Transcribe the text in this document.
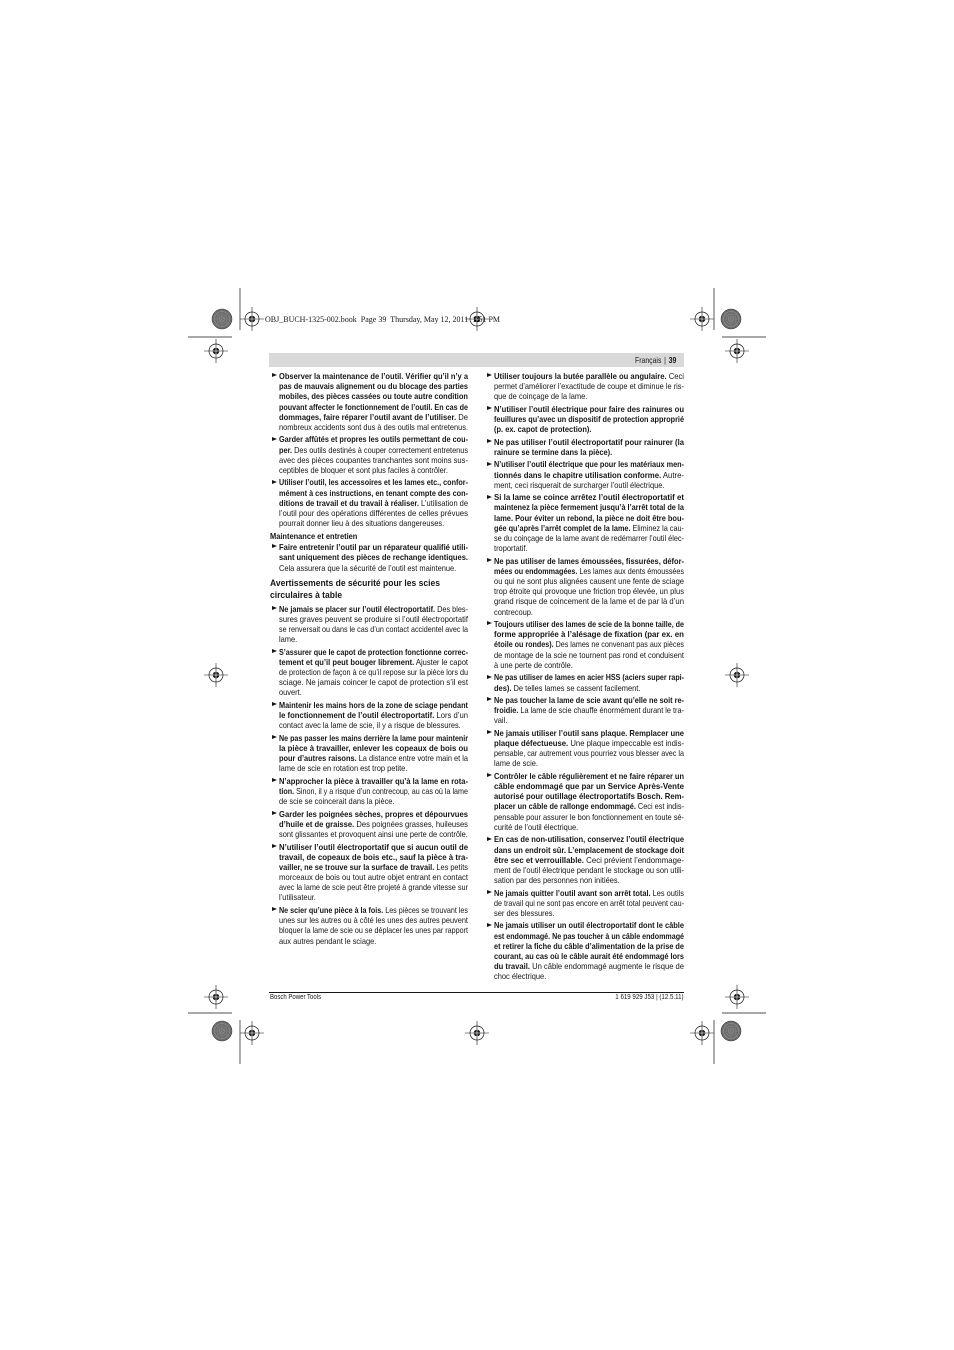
OBJ_BUCH-1325-002.book  Page 39  Thursday, May 12, 2011  1:51 PM
Français | 39
Observer la maintenance de l’outil. Vérifier qu’il n’y a
pas de mauvais alignement ou du blocage des parties
mobiles, des pièces cassées ou toute autre condition
pouvant affecter le fonctionnement de l’outil. En cas de
dommages, faire réparer l’outil avant de l’utiliser. De
nombreux accidents sont dus à des outils mal entretenus.
Garder affûtés et propres les outils permettant de cou-
per. Des outils destinés à couper correctement entretenus
avec des pièces coupantes tranchantes sont moins sus-
ceptibles de bloquer et sont plus faciles à contrôler.
Utiliser l’outil, les accessoires et les lames etc., confor-
mément à ces instructions, en tenant compte des con-
ditions de travail et du travail à réaliser. L’utilisation de
l’outil pour des opérations différentes de celles prévues
pourrait donner lieu à des situations dangereuses.
Maintenance et entretien
Faire entretenir l’outil par un réparateur qualifié utili-
sant uniquement des pièces de rechange identiques.
Cela assurera que la sécurité de l’outil est maintenue.
Avertissements de sécurité pour les scies
circulaires à table
Ne jamais se placer sur l’outil électroportatif. Des bles-
sures graves peuvent se produire si l’outil électroportatif
se renversait ou dans le cas d’un contact accidentel avec la
lame.
S’assurer que le capot de protection fonctionne correc-
tement et qu’il peut bouger librement. Ajuster le capot
de protection de façon à ce qu’il repose sur la pièce lors du
sciage. Ne jamais coincer le capot de protection s’il est
ouvert.
Maintenir les mains hors de la zone de sciage pendant
le fonctionnement de l’outil électroportatif. Lors d’un
contact avec la lame de scie, il y a risque de blessures.
Ne pas passer les mains derrière la lame pour maintenir
la pièce à travailler, enlever les copeaux de bois ou
pour d’autres raisons. La distance entre votre main et la
lame de scie en rotation est trop petite.
N’approcher la pièce à travailler qu’à la lame en rota-
tion. Sinon, il y a risque d’un contrecoup, au cas où la lame
de scie se coincerait dans la pièce.
Garder les poignées sèches, propres et dépourvues
d’huile et de graisse. Des poignées grasses, huileuses
sont glissantes et provoquent ainsi une perte de contrôle.
N’utiliser l’outil électroportatif que si aucun outil de
travail, de copeaux de bois etc., sauf la pièce à tra-
vailler, ne se trouve sur la surface de travail. Les petits
morceaux de bois ou tout autre objet entrant en contact
avec la lame de scie peut être projeté à grande vitesse sur
l’utilisateur.
Ne scier qu’une pièce à la fois. Les pièces se trouvant les
unes sur les autres ou à côté les unes des autres peuvent
bloquer la lame de scie ou se déplacer les unes par rapport
aux autres pendant le sciage.
Utiliser toujours la butée parallèle ou angulaire. Ceci
permet d’améliorer l’exactitude de coupe et diminue le ris-
que de coinçage de la lame.
N’utiliser l’outil électrique pour faire des rainures ou
feuillures qu’avec un dispositif de protection approprié
(p. ex. capot de protection).
Ne pas utiliser l’outil électroportatif pour rainurer (la
rainure se termine dans la pièce).
N’utiliser l’outil électrique que pour les matériaux men-
tionnés dans le chapitre utilisation conforme. Autre-
ment, ceci risquerait de surcharger l’outil électrique.
Si la lame se coince arrêtez l’outil électroportatif et
maintenez la pièce fermement jusqu’à l’arrêt total de la
lame. Pour éviter un rebond, la pièce ne doit être bou-
gée qu’après l’arrêt complet de la lame. Eliminez la cau-
se du coinçage de la lame avant de redémarrer l’outil élec-
troportatif.
Ne pas utiliser de lames émoussées, fissurées, défor-
mées ou endommagées. Les lames aux dents émoussées
ou qui ne sont plus alignées causent une fente de sciage
trop étroite qui provoque une friction trop élevée, un plus
grand risque de coincement de la lame et de par là d’un
contrecoup.
Toujours utiliser des lames de scie de la bonne taille, de
forme appropriée à l’alésage de fixation (par ex. en
étoile ou rondes). Des lames ne convenant pas aux pièces
de montage de la scie ne tournent pas rond et conduisent
à une perte de contrôle.
Ne pas utiliser de lames en acier HSS (aciers super rapi-
des). De telles lames se cassent facilement.
Ne pas toucher la lame de scie avant qu’elle ne soit re-
froidie. La lame de scie chauffe énormément durant le tra-
vail.
Ne jamais utiliser l’outil sans plaque. Remplacer une
plaque défectueuse. Une plaque impeccable est indis-
pensable, car autrement vous pourriez vous blesser avec la
lame de scie.
Contrôler le câble régulièrement et ne faire réparer un
câble endommagé que par un Service Après-Vente
autorisé pour outillage électroportatifs Bosch. Rem-
placer un câble de rallonge endommagé. Ceci est indis-
pensable pour assurer le bon fonctionnement en toute sé-
curité de l’outil électrique.
En cas de non-utilisation, conservez l’outil électrique
dans un endroit sûr. L’emplacement de stockage doit
être sec et verrouillable. Ceci prévient l’endommage-
ment de l’outil électrique pendant le stockage ou son utili-
sation par des personnes non initiées.
Ne jamais quitter l’outil avant son arrêt total. Les outils
de travail qui ne sont pas encore en arrêt total peuvent cau-
ser des blessures.
Ne jamais utiliser un outil électroportatif dont le câble
est endommagé. Ne pas toucher à un câble endommagé
et retirer la fiche du câble d’alimentation de la prise de
courant, au cas où le câble aurait été endommagé lors
du travail. Un câble endommagé augmente le risque de
choc électrique.
Bosch Power Tools	1 619 929 J53 | (12.5.11)
